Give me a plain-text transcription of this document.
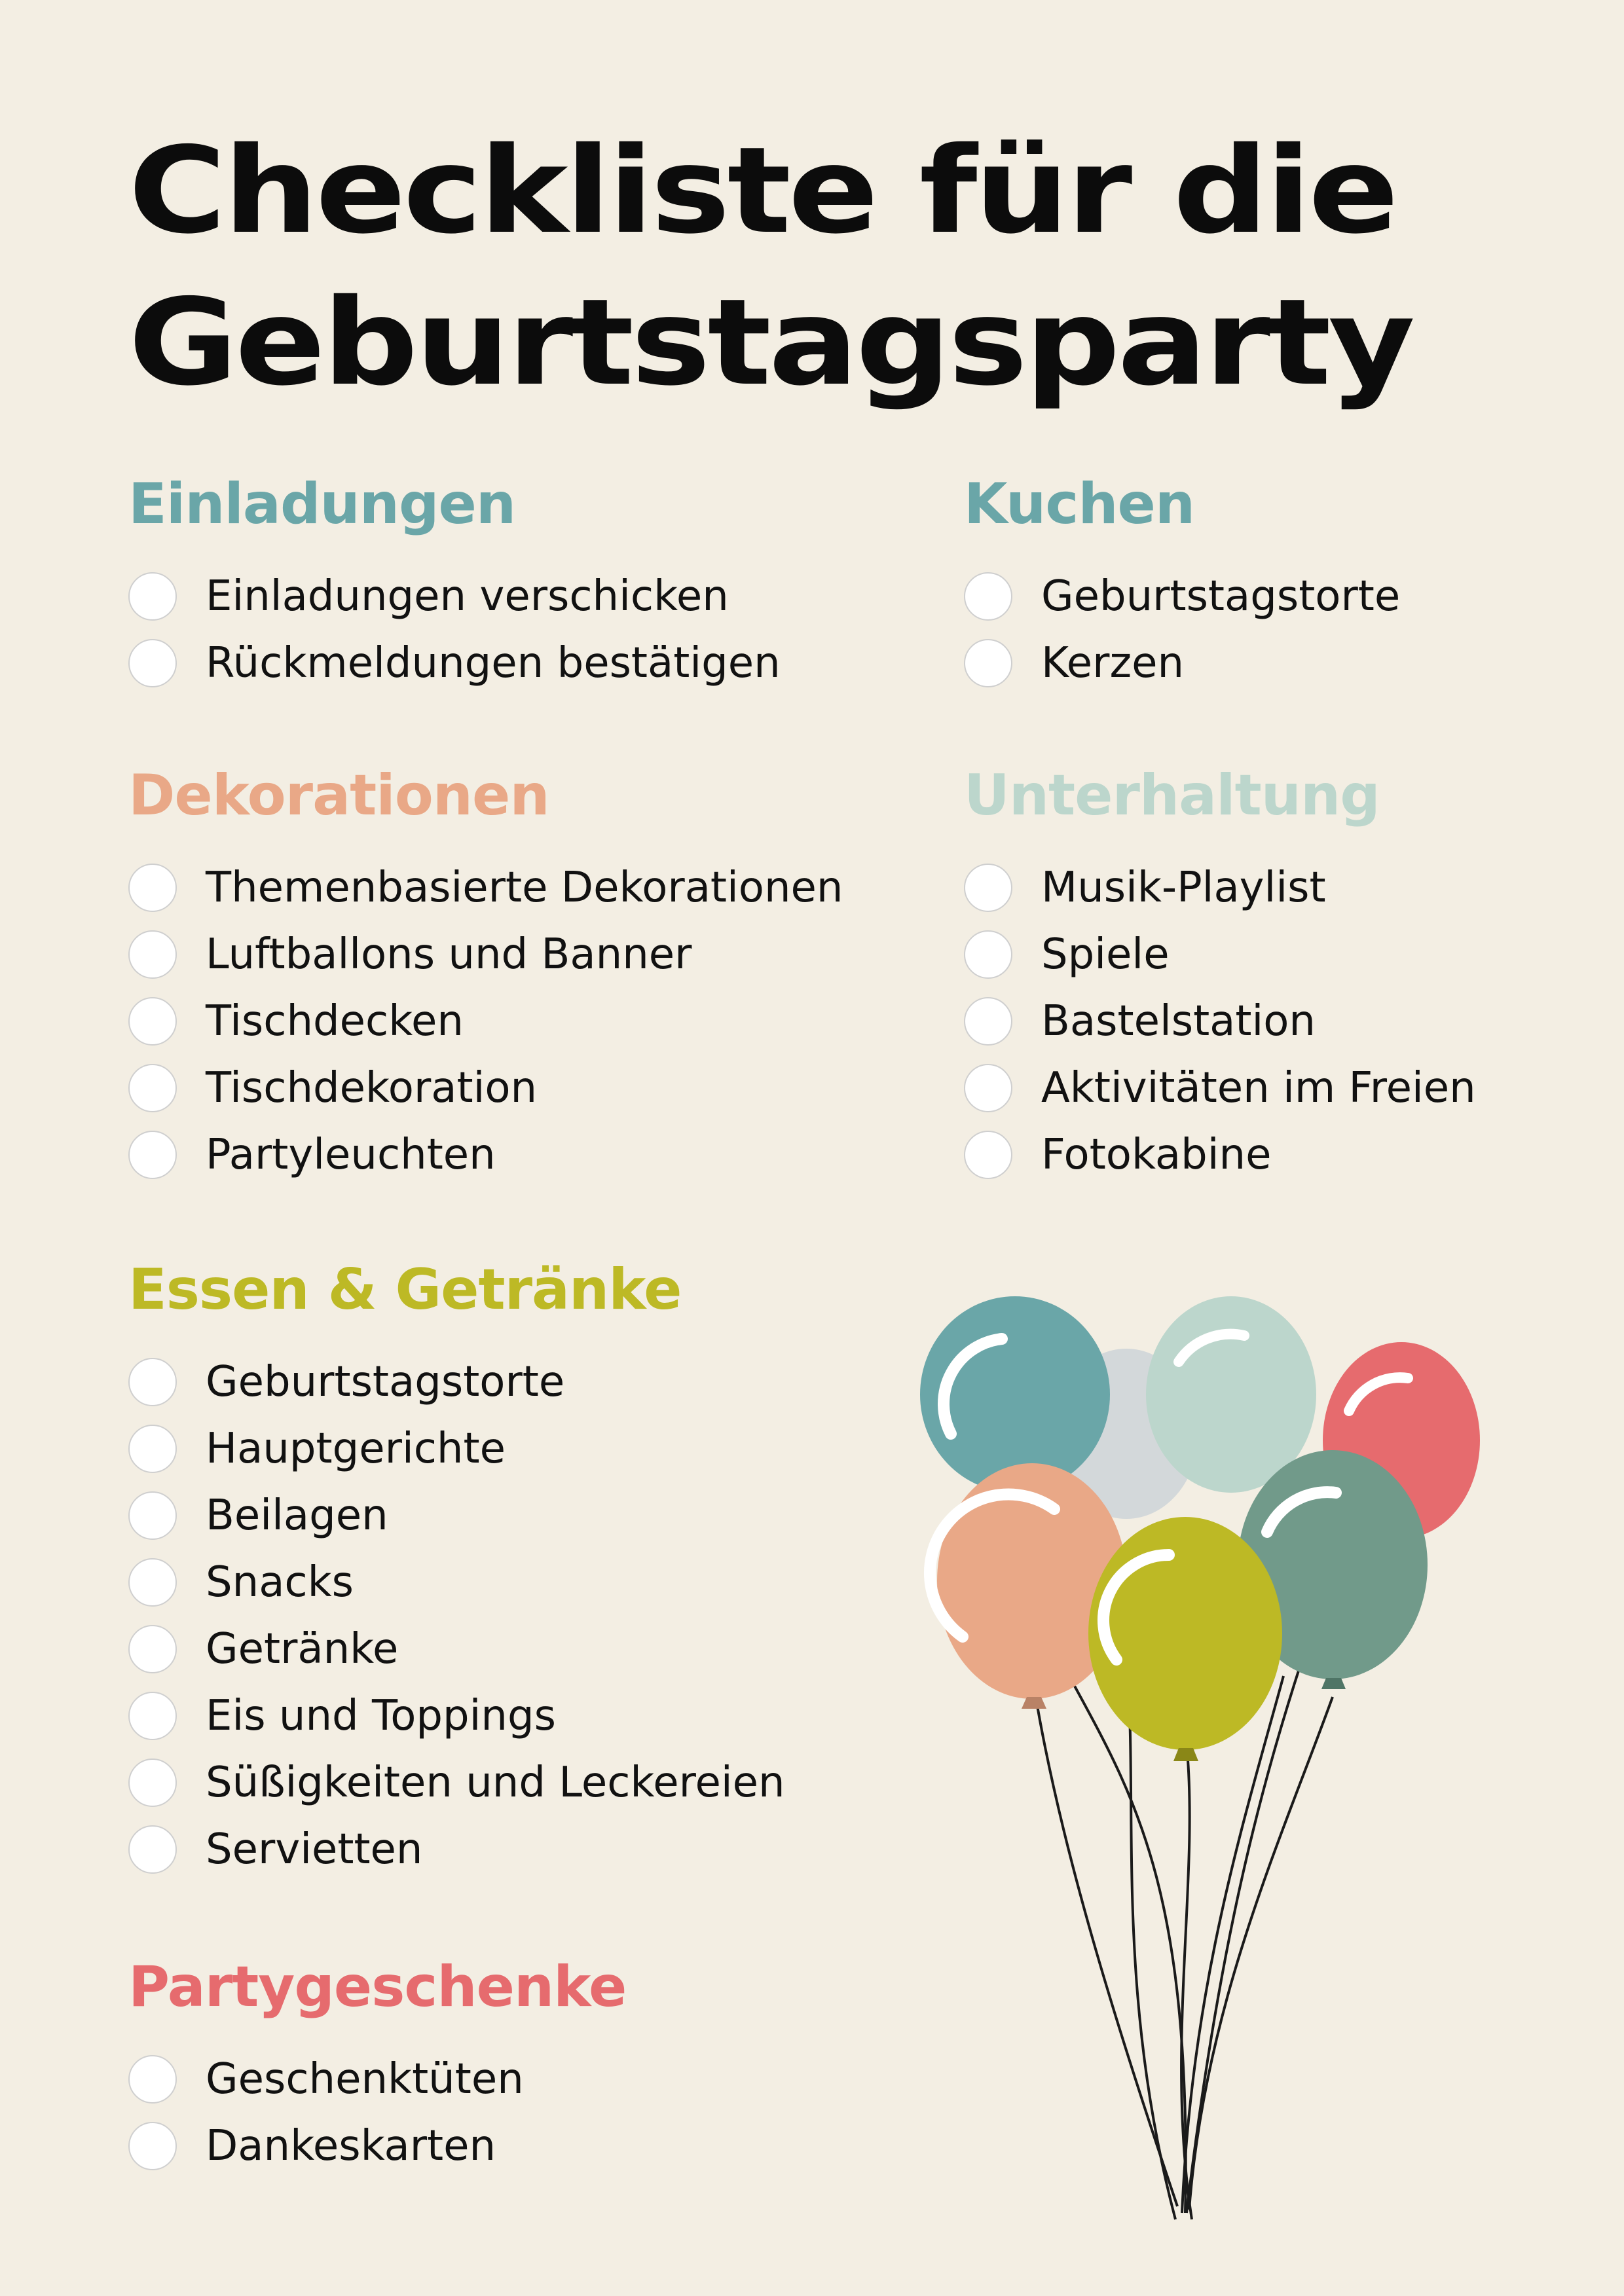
Checkliste für die
Geburtstagsparty
Einladungen
Einladungen verschicken
Rückmeldungen bestätigen
Kuchen
Geburtstagstorte
Kerzen
Dekorationen
Themenbasierte Dekorationen
Luftballons und Banner
Tischdecken
Tischdekoration
Partyleuchten
Unterhaltung
Musik-Playlist
Spiele
Bastelstation
Aktivitäten im Freien
Fotokabine
Essen & Getränke
Geburtstagstorte
Hauptgerichte
Beilagen
Snacks
Getränke
Eis und Toppings
Süßigkeiten und Leckereien
Servietten
Partygeschenke
Geschenktüten
Dankeskarten
